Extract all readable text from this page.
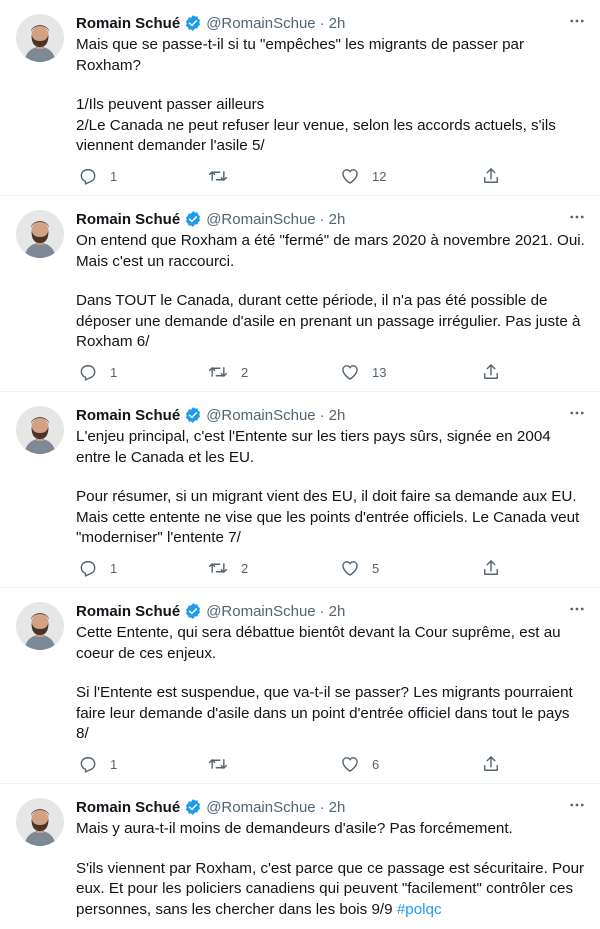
Romain Schué @RomainSchue · 2h

Mais que se passe-t-il si tu "empêches" les migrants de passer par Roxham?

1/Ils peuvent passer ailleurs
2/Le Canada ne peut refuser leur venue, selon les accords actuels, s'ils viennent demander l'asile 5/

1	12
Romain Schué @RomainSchue · 2h

On entend que Roxham a été "fermé" de mars 2020 à novembre 2021. Oui. Mais c'est un raccourci.

Dans TOUT le Canada, durant cette période, il n'a pas été possible de déposer une demande d'asile en prenant un passage irrégulier. Pas juste à Roxham 6/

1	2	13
Romain Schué @RomainSchue · 2h

L'enjeu principal, c'est l'Entente sur les tiers pays sûrs, signée en 2004 entre le Canada et les EU.

Pour résumer, si un migrant vient des EU, il doit faire sa demande aux EU. Mais cette entente ne vise que les points d'entrée officiels. Le Canada veut "moderniser" l'entente 7/

1	2	5
Romain Schué @RomainSchue · 2h

Cette Entente, qui sera débattue bientôt devant la Cour suprême, est au coeur de ces enjeux.

Si l'Entente est suspendue, que va-t-il se passer? Les migrants pourraient faire leur demande d'asile dans un point d'entrée officiel dans tout le pays 8/

1	6
Romain Schué @RomainSchue · 2h

Mais y aura-t-il moins de demandeurs d'asile? Pas forcémement.

S'ils viennent par Roxham, c'est parce que ce passage est sécuritaire. Pour eux. Et pour les policiers canadiens qui peuvent "facilement" contrôler ces personnes, sans les chercher dans les bois 9/9 #polqc
